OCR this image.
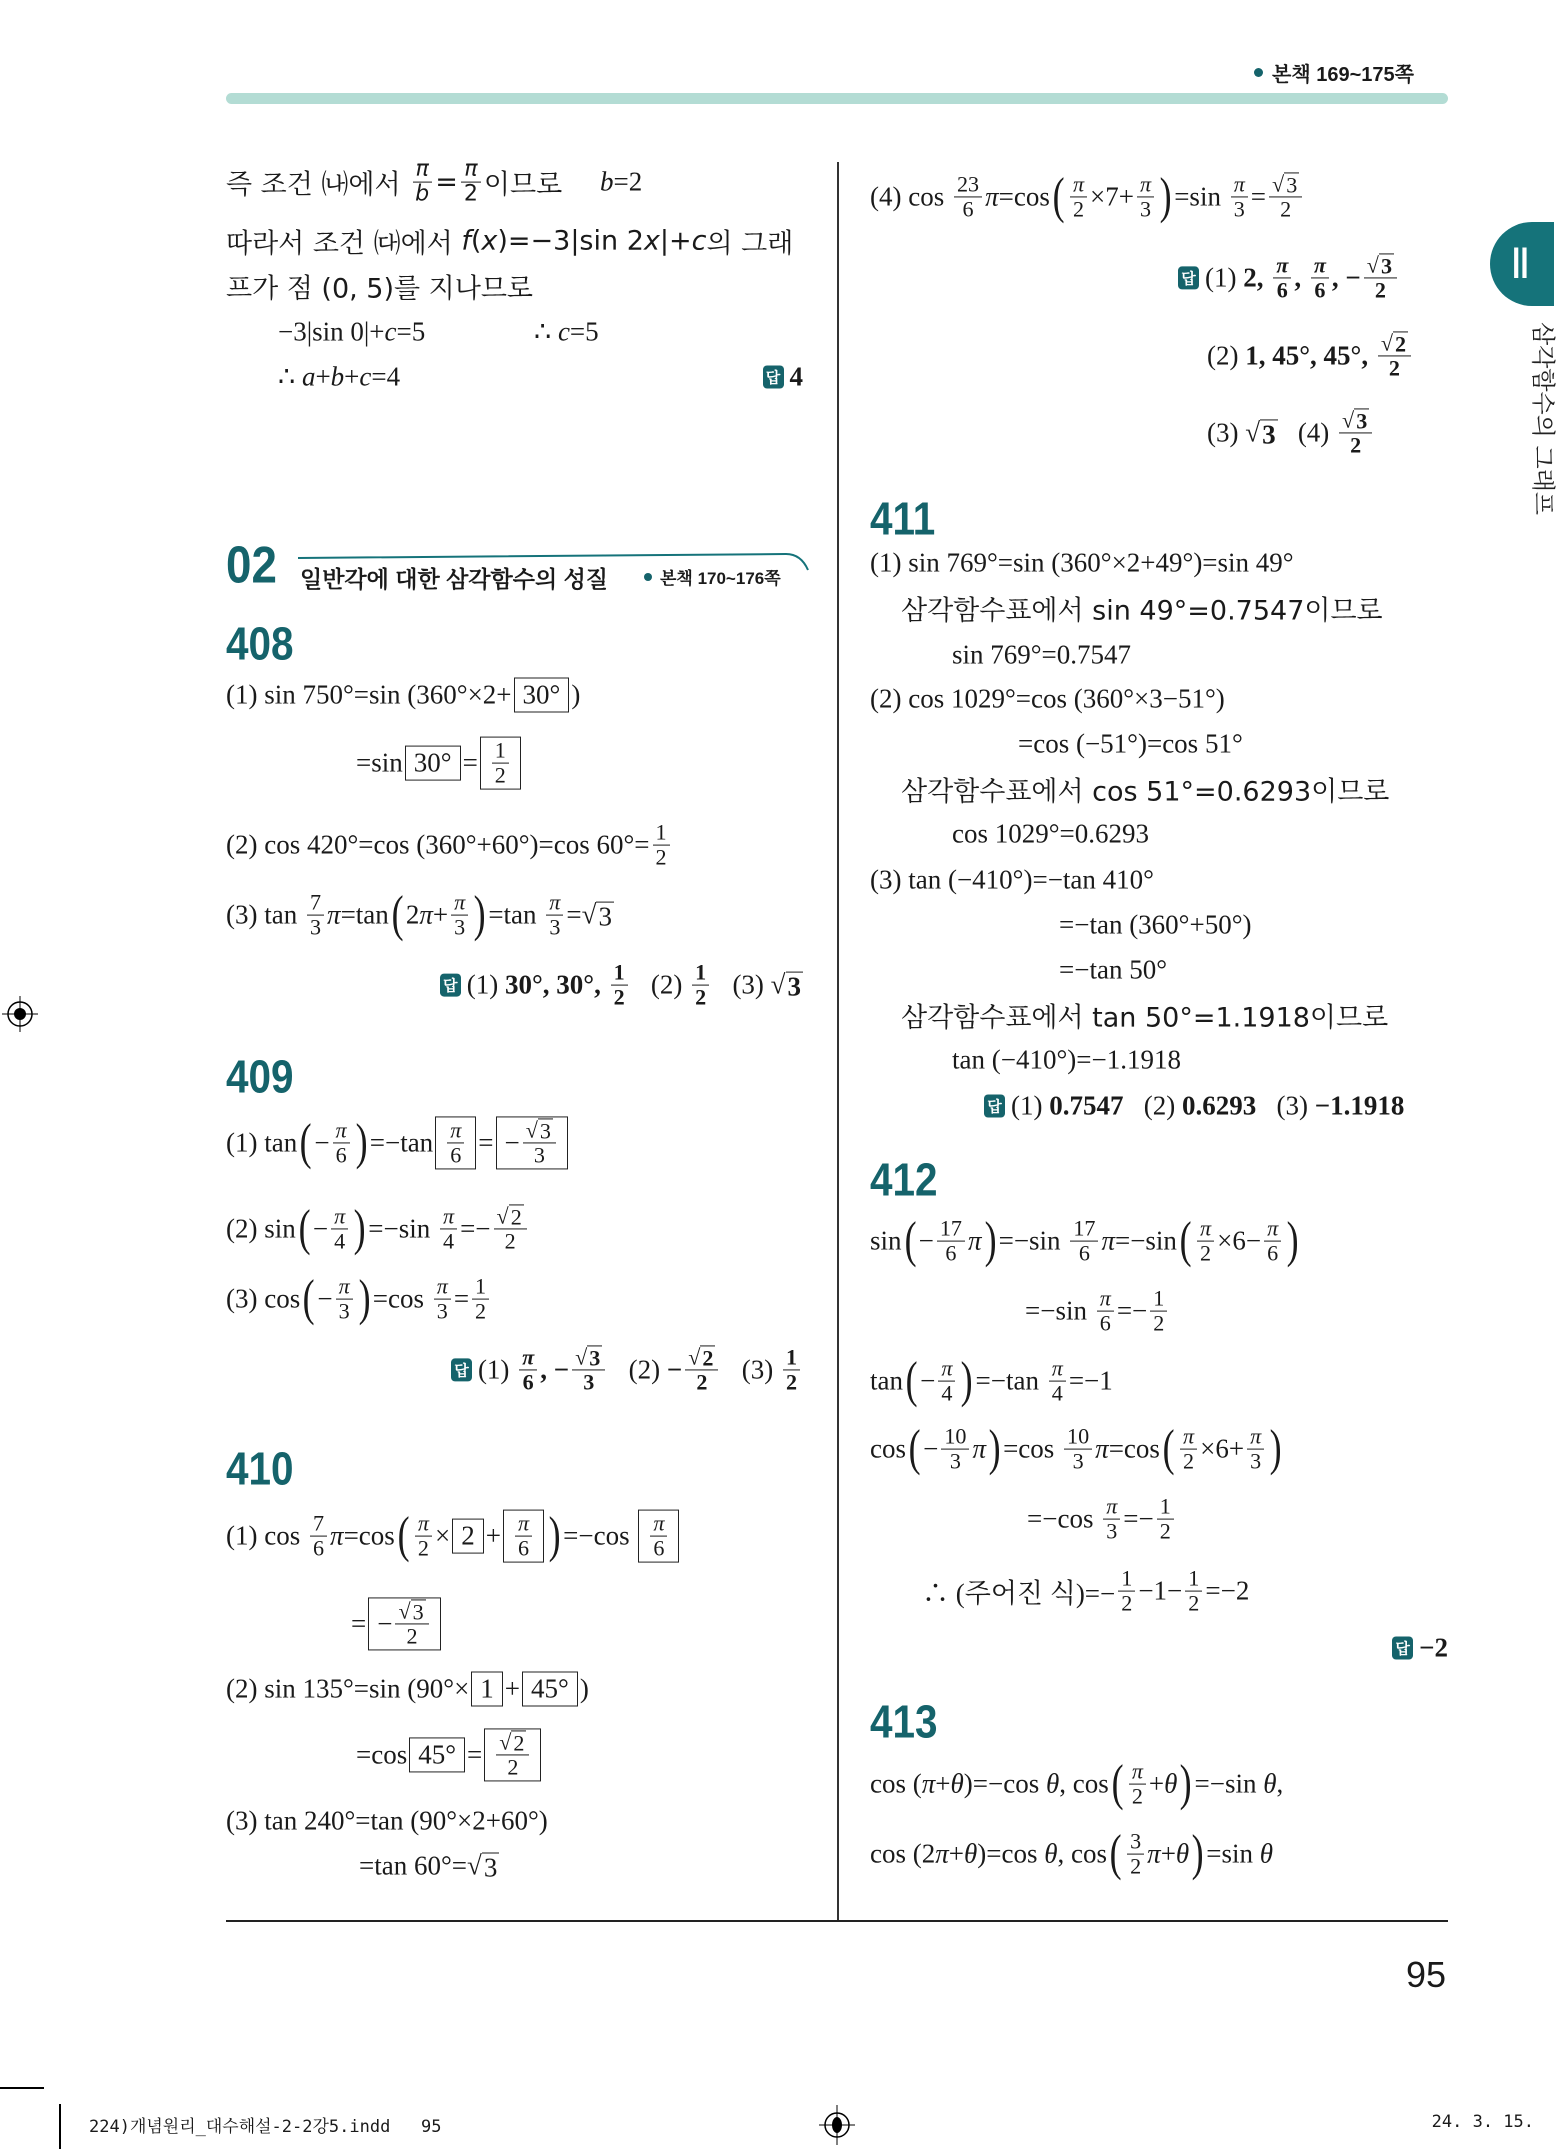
본책 169~175쪽
Ⅱ
삼각함수의 그래프
즉 조건 ㈏에서 $\frac{\pi}{b} = \frac{\pi}{2}$ 이므로 b =2
따라서 조건 ㈐에서 f ( x )=−3|sin 2 x |+ c 의 그래
프가 점 (0, 5)를 지나므로
−3|sin 0|+ c =5	∴ c =5
∴ a + b + c =4	답 4
02 일반각에 대한 삼각함수의 성질	본책 170~176쪽
408
(1) sin 750°=sin (360°×2+ 30° )
=sin $30^\circ = \frac{1}{2}$
(2) cos 420°=cos (360°+60°)=cos $60^\circ= \frac{1}{2}$
(3) $\tan \frac{7}{3}$ π =tan ( 2 $\pi + \frac{\pi}{3}$ ) $=\tan \frac{\pi}{3}$ = √ 3
답 (1) 30°, 30°, $\frac{1}{2} (2) \frac{1}{2} (3)$ √ 3
409
(1) tan ( − $\frac{\pi}{6}$ ) $=-\tan \frac{\pi}{6}$ = − $\frac{√ 3}{3}$
(2) sin ( − $\frac{\pi}{4}$ ) $=-\sin \frac{\pi}{4} =- \frac{√ 2}{2}$
(3) cos ( − $\frac{\pi}{3}$ ) $=\cos \frac{\pi}{3} = \frac{1}{2}$
답 $(1) \frac{\pi}{6}$ , − $\frac{√ 3}{3} (2) - \frac{√ 2}{2} (3) \frac{1}{2}$
410
(1) $\cos \frac{7}{6}$ π =cos ( $\frac{\pi}{2} \times 2 + \frac{\pi}{6}$ ) $=-\cos \frac{\pi}{6}$
= − $\frac{√ 3}{2}$
(2) sin 135°=sin (90°× 1 + 45° )
=cos $45^\circ = \frac{√ 2}{2}$
(3) tan 240°=tan (90°×2+60°)
=tan 60°= √ 3
(4) $\cos \frac{23}{6}$ π =cos ( $\frac{\pi}{2} \times 7+ \frac{\pi}{3}$ ) $=\sin \frac{\pi}{3} = \frac{√ 3}{2}$
답 (1) 2, $\frac{\pi}{6}$ , $\frac{\pi}{6}$ , − $\frac{√ 3}{2}$
(2) 1, 45°, 45°, $\frac{√ 2}{2}$
(3) √ 3 $(4) \frac{√ 3}{2}$
411
(1) sin 769°=sin (360°×2+49°)=sin 49°
삼각함수표에서 sin 49°=0.7547이므로
sin 769°=0.7547
(2) cos 1029°=cos (360°×3−51°)
=cos (−51°)=cos 51°
삼각함수표에서 cos 51°=0.6293이므로
cos 1029°=0.6293
(3) tan (−410°)=−tan 410°
=−tan (360°+50°)
=−tan 50°
삼각함수표에서 tan 50°=1.1918이므로
tan (−410°)=−1.1918
답 (1) 0.7547 (2) 0.6293 (3) −1.1918
412
sin ( − $\frac{17}{6}$ π ) $=-\sin \frac{17}{6}$ π =−sin ( $\frac{\pi}{2} \times 6- \frac{\pi}{6}$ )
$=-\sin \frac{\pi}{6} =- \frac{1}{2}$
tan ( − $\frac{\pi}{4}$ ) $=-\tan \frac{\pi}{4} =-1$
cos ( − $\frac{10}{3}$ π ) $=\cos \frac{10}{3}$ π =cos ( $\frac{\pi}{2} \times 6+ \frac{\pi}{3}$ )
$=-\cos \frac{\pi}{3} =- \frac{1}{2}$
∴ (주어진 식)=− $\frac{1}{2} -1- \frac{1}{2} =-2$
답 −2
413
cos ( π + θ )=−cos θ , cos ( $\frac{\pi}{2} + \theta$ ) =−sin θ ,
cos (2 π + θ )=cos θ , cos ( $\frac{3}{2}$ π + θ ) =sin θ
95
224)개념원리_대수해설-2-2강5.indd 95	24. 3. 15.
